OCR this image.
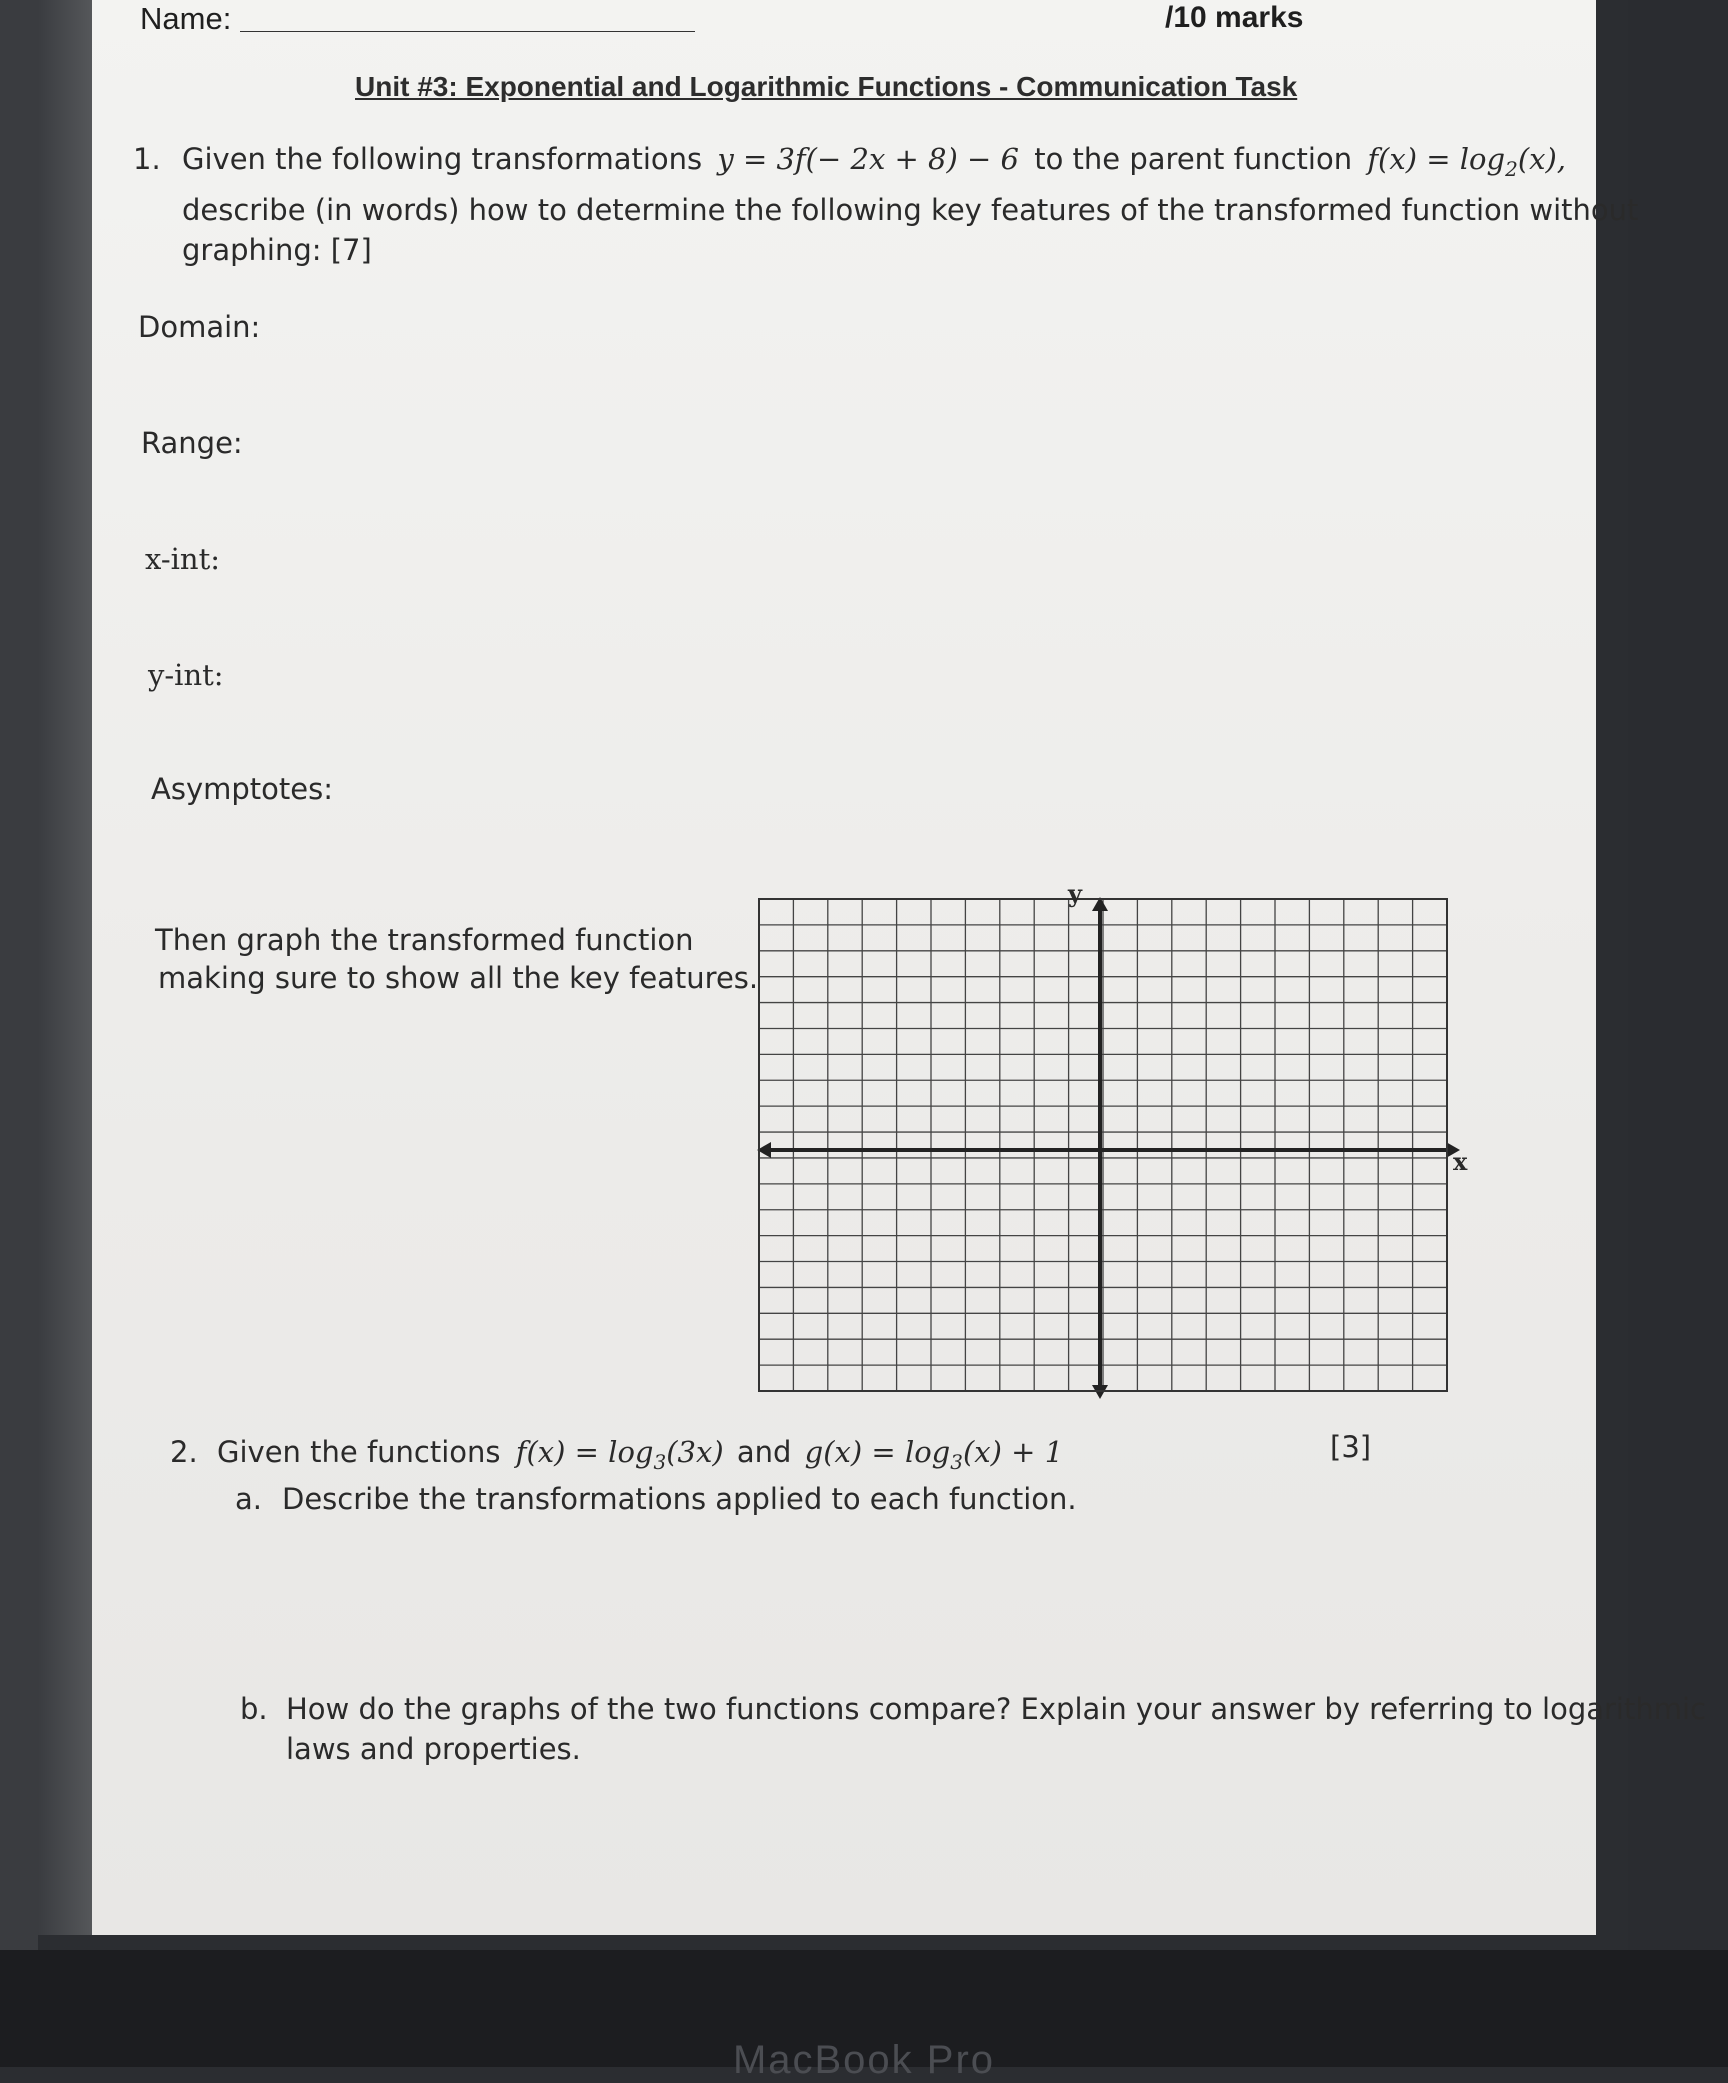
MacBook Pro
Name:	/10 marks
Unit #3: Exponential and Logarithmic Functions - Communication Task
1. Given the following transformations y = 3f(− 2x + 8) − 6 to the parent function $f(x) = \log_2(x)$,
describe (in words) how to determine the following key features of the transformed function without
graphing: [7]
Domain:
Range:
x-int:
y-int:
Asymptotes:
Then graph the transformed function
making sure to show all the key features.
y
x
2. Given the functions $f(x) = \log_3(3x)$ and $g(x) = \log_3(x) + 1$	[3]
a. Describe the transformations applied to each function.
b. How do the graphs of the two functions compare? Explain your answer by referring to logarithmic
laws and properties.
